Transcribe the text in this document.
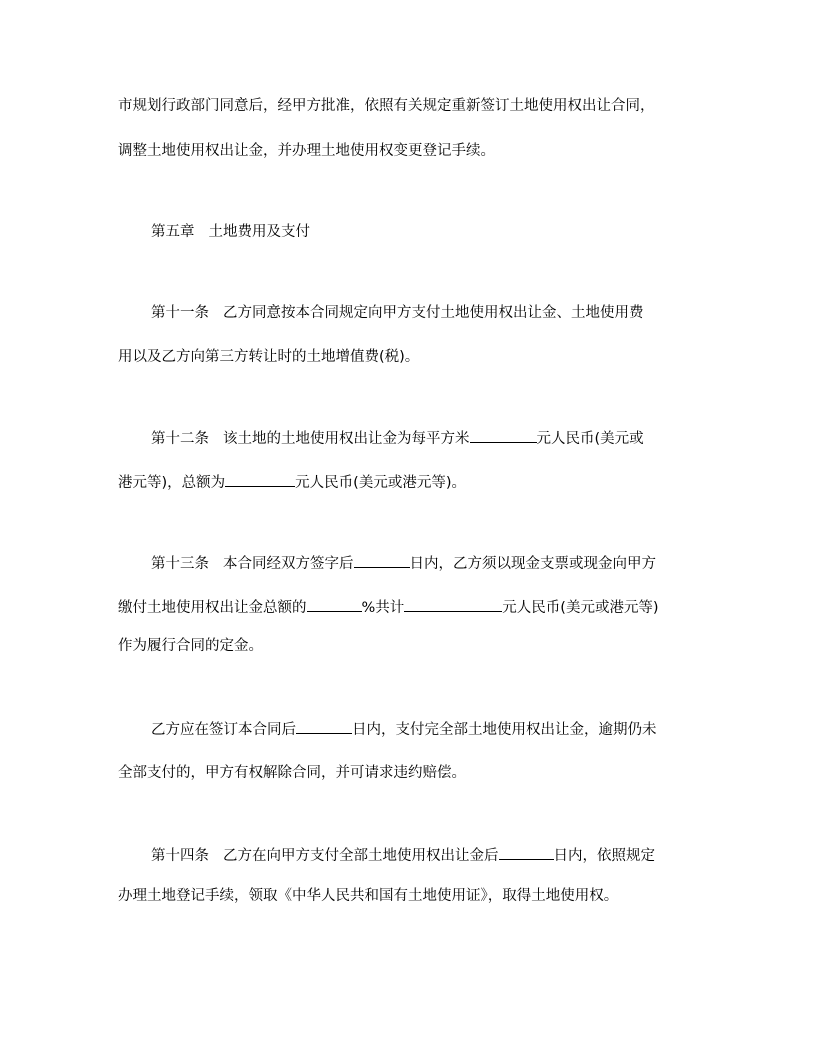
市规划行政部门同意后，经甲方批准，依照有关规定重新签订土地使用权出让合同，
调整土地使用权出让金，并办理土地使用权变更登记手续。
第五章 土地费用及支付
第十一条 乙方同意按本合同规定向甲方支付土地使用权出让金、土地使用费
用以及乙方向第三方转让时的土地增值费(税)。
第十二条 该土地的土地使用权出让金为每平方米	元人民币(美元或
港元等)，总额为	元人民币(美元或港元等)。
第十三条 本合同经双方签字后	日内，乙方须以现金支票或现金向甲方
缴付土地使用权出让金总额的	%共计	元人民币(美元或港元等)
作为履行合同的定金。
乙方应在签订本合同后	日内，支付完全部土地使用权出让金，逾期仍未
全部支付的，甲方有权解除合同，并可请求违约赔偿。
第十四条 乙方在向甲方支付全部土地使用权出让金后	日内，依照规定
办理土地登记手续，领取《中华人民共和国有土地使用证》，取得土地使用权。
